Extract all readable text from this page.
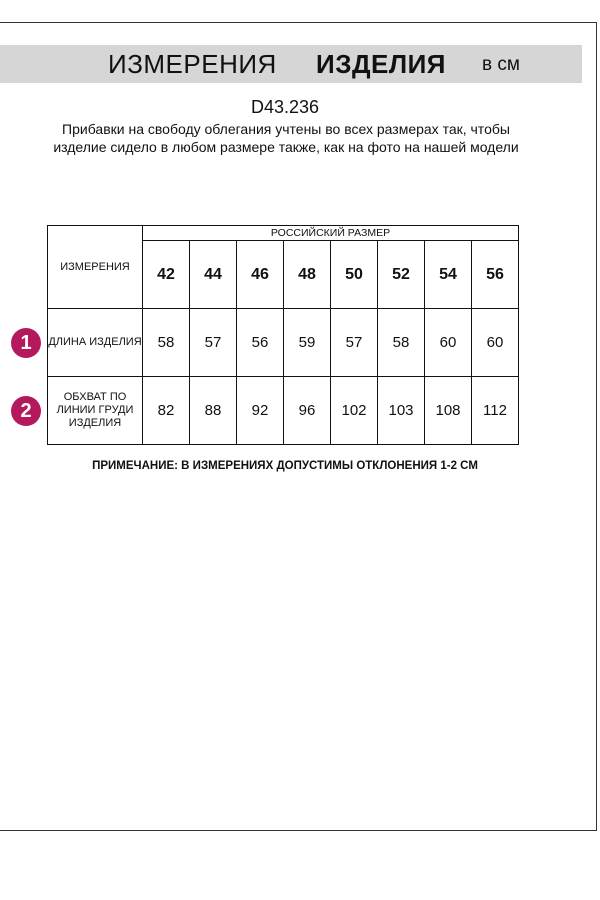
ИЗМЕРЕНИЯ ИЗДЕЛИЯ в см
D43.236
Прибавки на свободу облегания учтены во всех размерах так, чтобы изделие сидело в любом размере также, как на фото на нашей модели
ИЗМЕРЕНИЯ	РОССИЙСКИЙ РАЗМЕР							
	42	44	46	48	50	52	54	56
ДЛИНА ИЗДЕЛИЯ	58	57	56	59	57	58	60	60
ОБХВАТ ПО ЛИНИИ ГРУДИ ИЗДЕЛИЯ	82	88	92	96	102	103	108	112
1
2
ПРИМЕЧАНИЕ: В ИЗМЕРЕНИЯХ ДОПУСТИМЫ ОТКЛОНЕНИЯ 1-2 СМ
